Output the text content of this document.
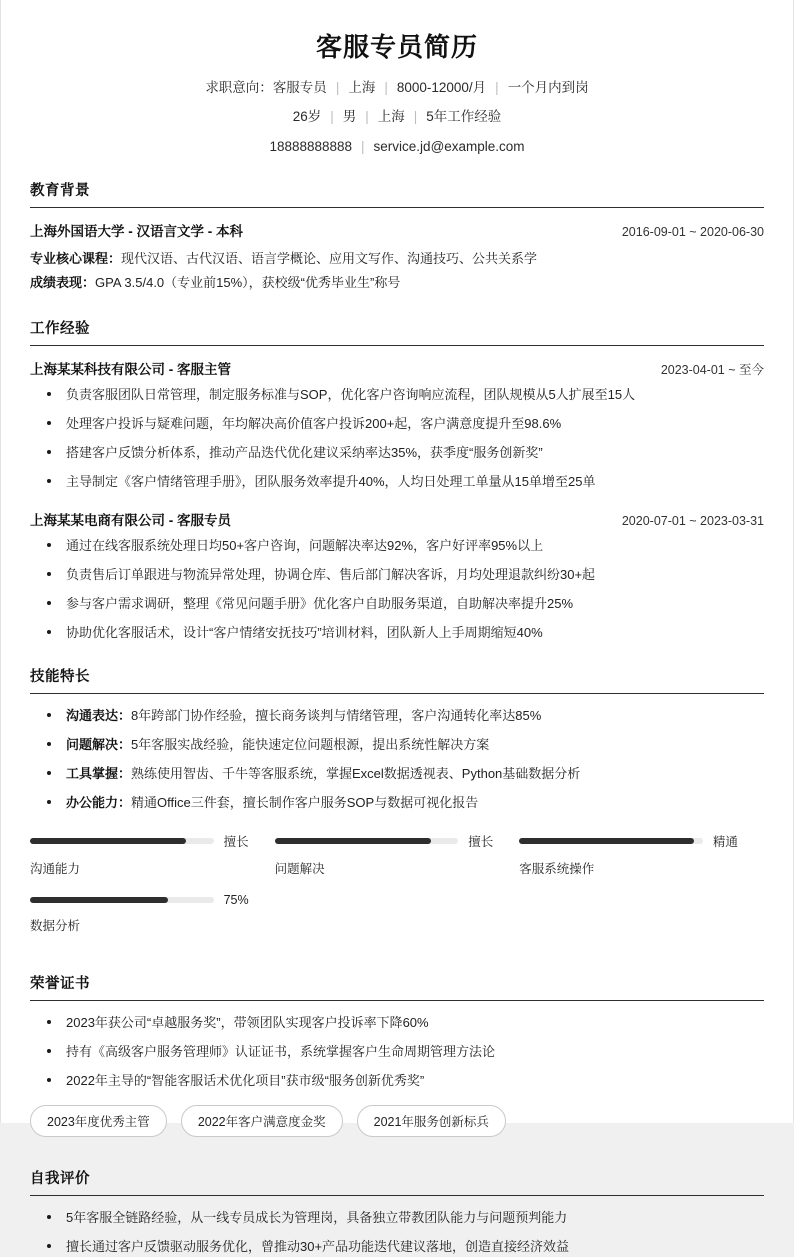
客服专员简历
求职意向：客服专员 | 上海 | 8000-12000/月 | 一个月内到岗
26岁 | 男 | 上海 | 5年工作经验
18888888888 | service.jd@example.com
教育背景
上海外国语大学 - 汉语言文学 - 本科	2016-09-01 ~ 2020-06-30
专业核心课程：现代汉语、古代汉语、语言学概论、应用文写作、沟通技巧、公共关系学
成绩表现：GPA 3.5/4.0（专业前15%），获校级“优秀毕业生”称号
工作经验
上海某某科技有限公司 - 客服主管	2023-04-01 ~ 至今
负责客服团队日常管理，制定服务标准与SOP，优化客户咨询响应流程，团队规模从5人扩展至15人
处理客户投诉与疑难问题，年均解决高价值客户投诉200+起，客户满意度提升至98.6%
搭建客户反馈分析体系，推动产品迭代优化建议采纳率达35%，获季度“服务创新奖”
主导制定《客户情绪管理手册》，团队服务效率提升40%，人均日处理工单量从15单增至25单
上海某某电商有限公司 - 客服专员	2020-07-01 ~ 2023-03-31
通过在线客服系统处理日均50+客户咨询，问题解决率达92%，客户好评率95%以上
负责售后订单跟进与物流异常处理，协调仓库、售后部门解决客诉，月均处理退款纠纷30+起
参与客户需求调研，整理《常见问题手册》优化客户自助服务渠道，自助解决率提升25%
协助优化客服话术，设计“客户情绪安抚技巧”培训材料，团队新人上手周期缩短40%
技能特长
沟通表达：8年跨部门协作经验，擅长商务谈判与情绪管理，客户沟通转化率达85%
问题解决：5年客服实战经验，能快速定位问题根源，提出系统性解决方案
工具掌握：熟练使用智齿、千牛等客服系统，掌握Excel数据透视表、Python基础数据分析
办公能力：精通Office三件套，擅长制作客户服务SOP与数据可视化报告
擅长
沟通能力
擅长
问题解决
精通
客服系统操作
75%
数据分析
荣誉证书
2023年获公司“卓越服务奖”，带领团队实现客户投诉率下降60%
持有《高级客户服务管理师》认证证书，系统掌握客户生命周期管理方法论
2022年主导的“智能客服话术优化项目”获市级“服务创新优秀奖”
2023年度优秀主管	2022年客户满意度金奖	2021年服务创新标兵
自我评价
5年客服全链路经验，从一线专员成长为管理岗，具备独立带教团队能力与问题预判能力
擅长通过客户反馈驱动服务优化，曾推动30+产品功能迭代建议落地，创造直接经济效益
